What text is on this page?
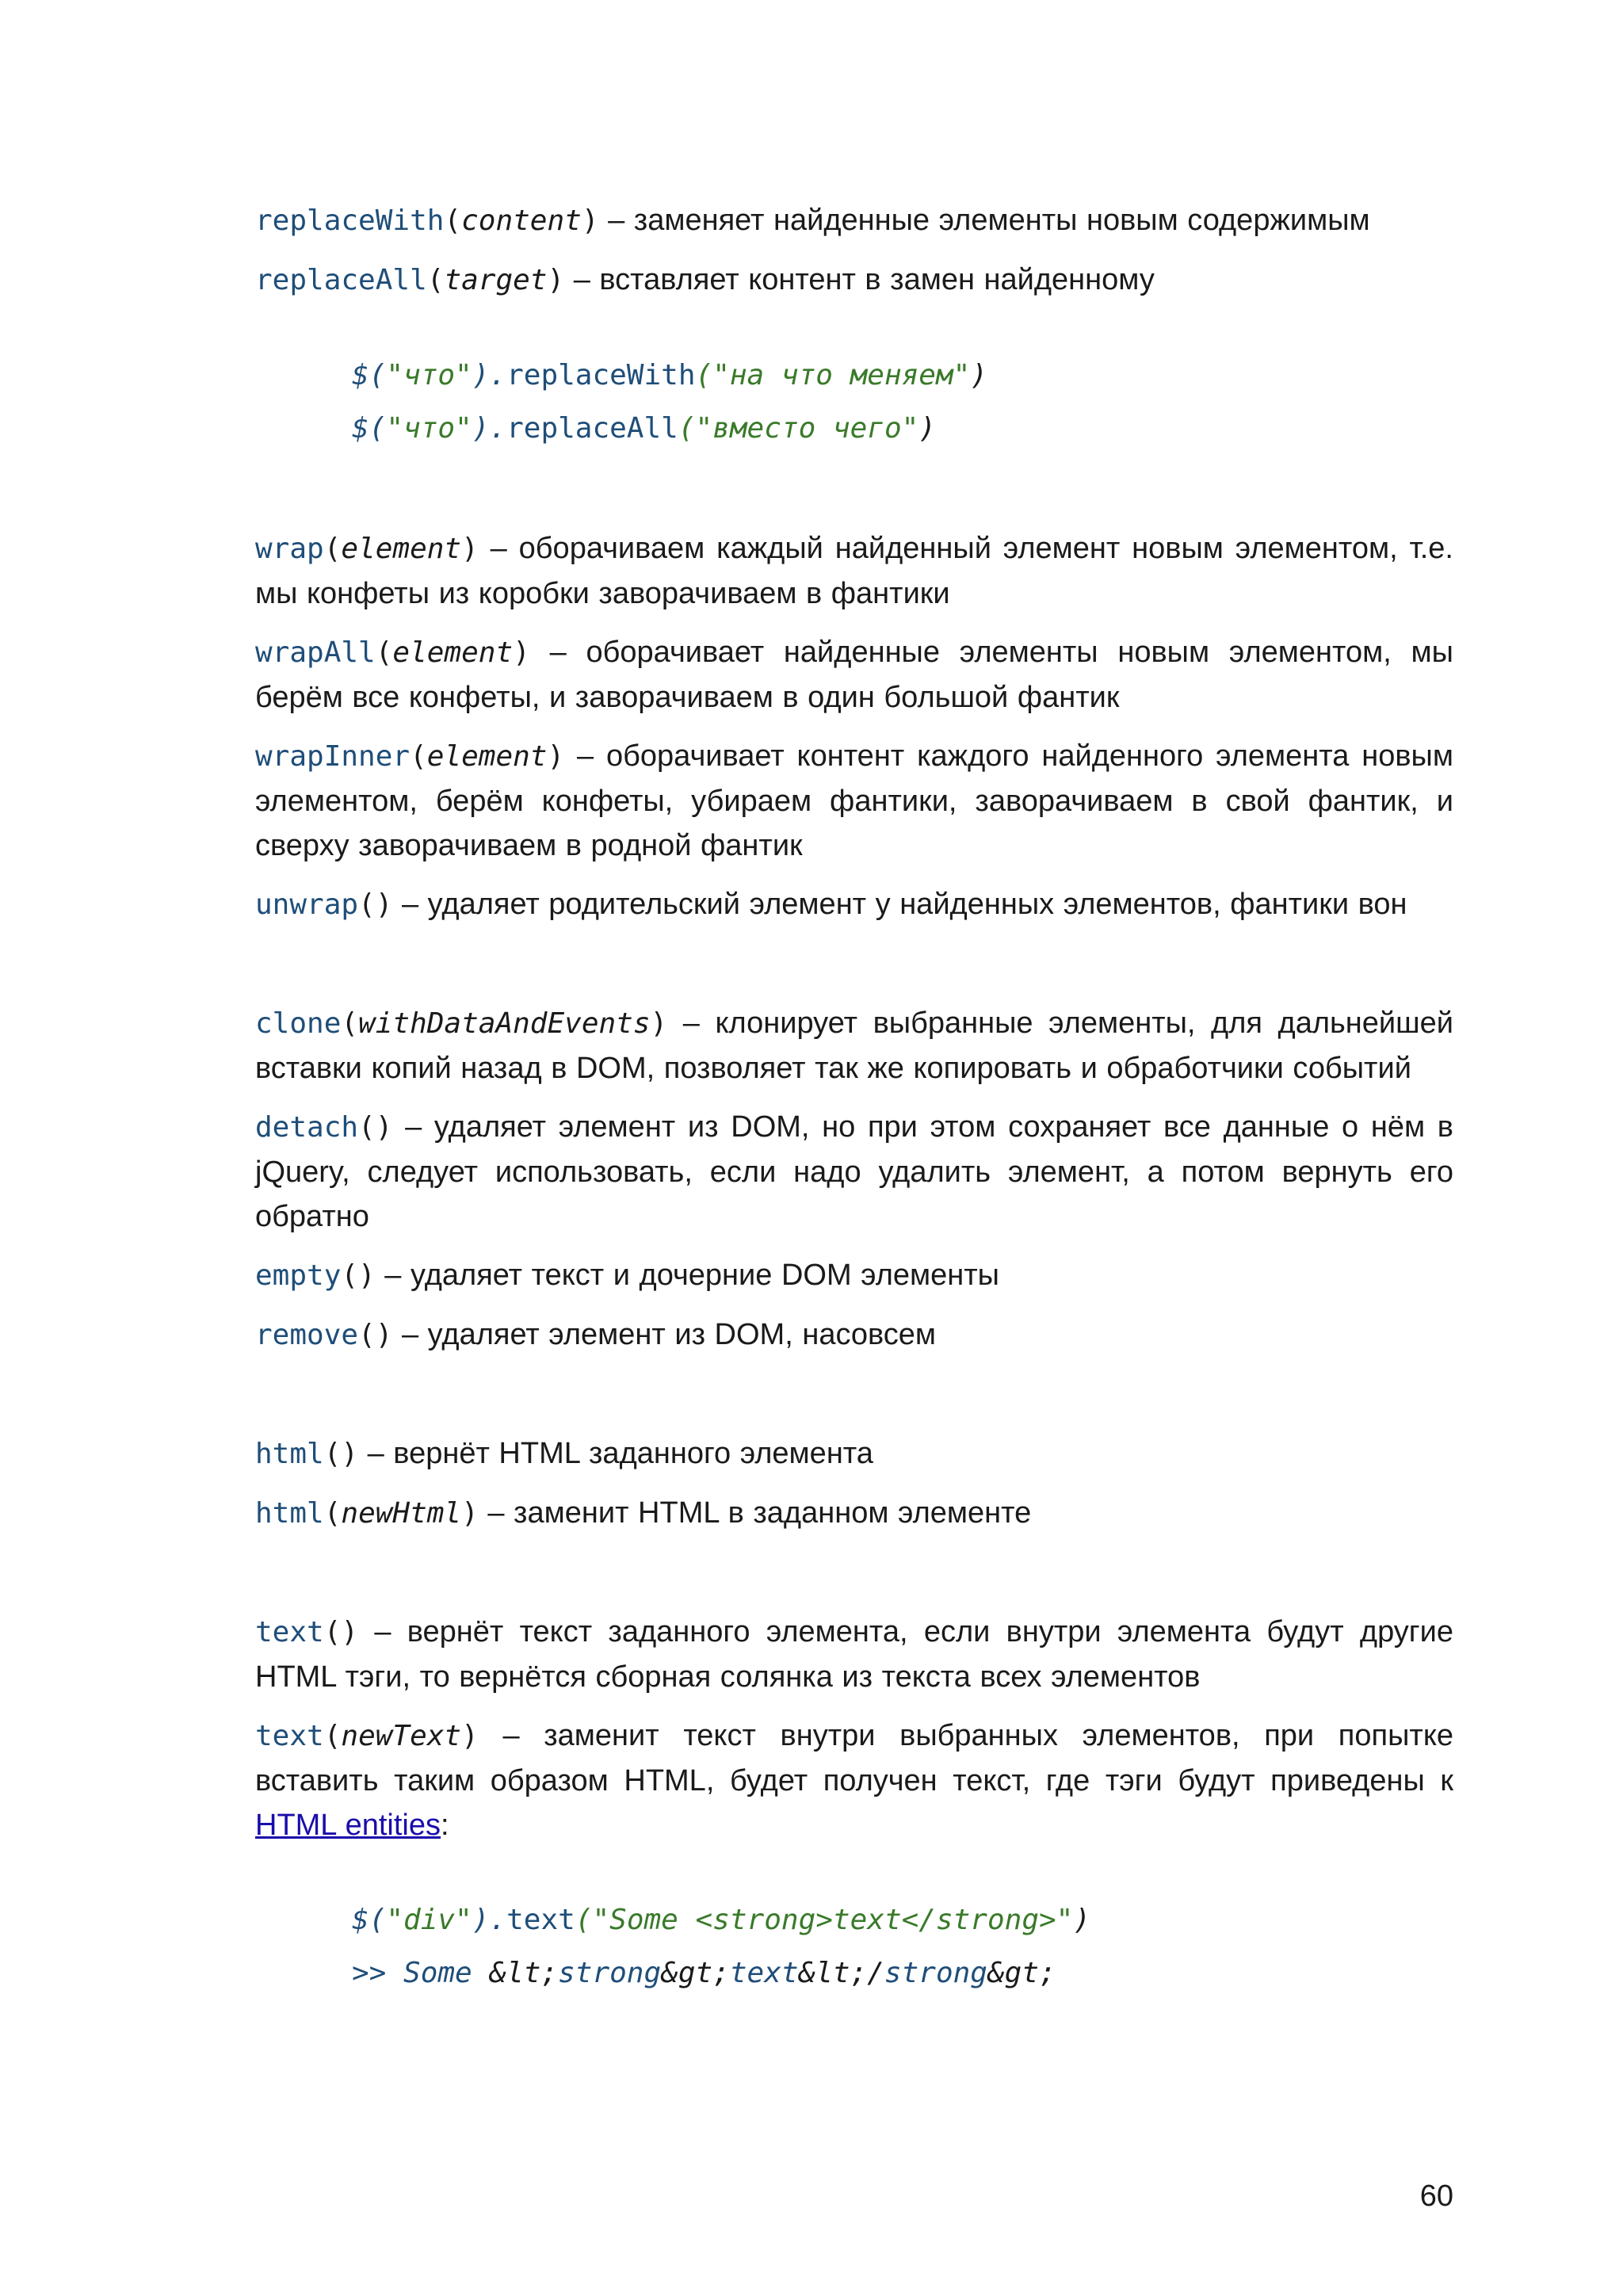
replaceWith(content) – заменяет найденные элементы новым содержимым

replaceAll(target) – вставляет контент в замен найденному

$("что").replaceWith("на что меняем")
$("что").replaceAll("вместо чего")

wrap(element) – оборачиваем каждый найденный элемент новым элементом, т.е. мы конфеты из коробки заворачиваем в фантики

wrapAll(element) – оборачивает найденные элементы новым элементом, мы берём все конфеты, и заворачиваем в один большой фантик

wrapInner(element) – оборачивает контент каждого найденного элемента новым элементом, берём конфеты, убираем фантики, заворачиваем в свой фантик, и сверху заворачиваем в родной фантик

unwrap() – удаляет родительский элемент у найденных элементов, фантики вон

clone(withDataAndEvents) – клонирует выбранные элементы, для дальнейшей вставки копий назад в DOM, позволяет так же копировать и обработчики событий

detach() – удаляет элемент из DOM, но при этом сохраняет все данные о нём в jQuery, следует использовать, если надо удалить элемент, а потом вернуть его обратно

empty() – удаляет текст и дочерние DOM элементы

remove() – удаляет элемент из DOM, насовсем

html() – вернёт HTML заданного элемента

html(newHtml) – заменит HTML в заданном элементе

text() – вернёт текст заданного элемента, если внутри элемента будут другие HTML тэги, то вернётся сборная солянка из текста всех элементов

text(newText) – заменит текст внутри выбранных элементов, при попытке вставить таким образом HTML, будет получен текст, где тэги будут приведены к HTML entities:

$("div").text("Some <strong>text</strong>")
>> Some &lt;strong&gt;text&lt;/strong&gt;
60
